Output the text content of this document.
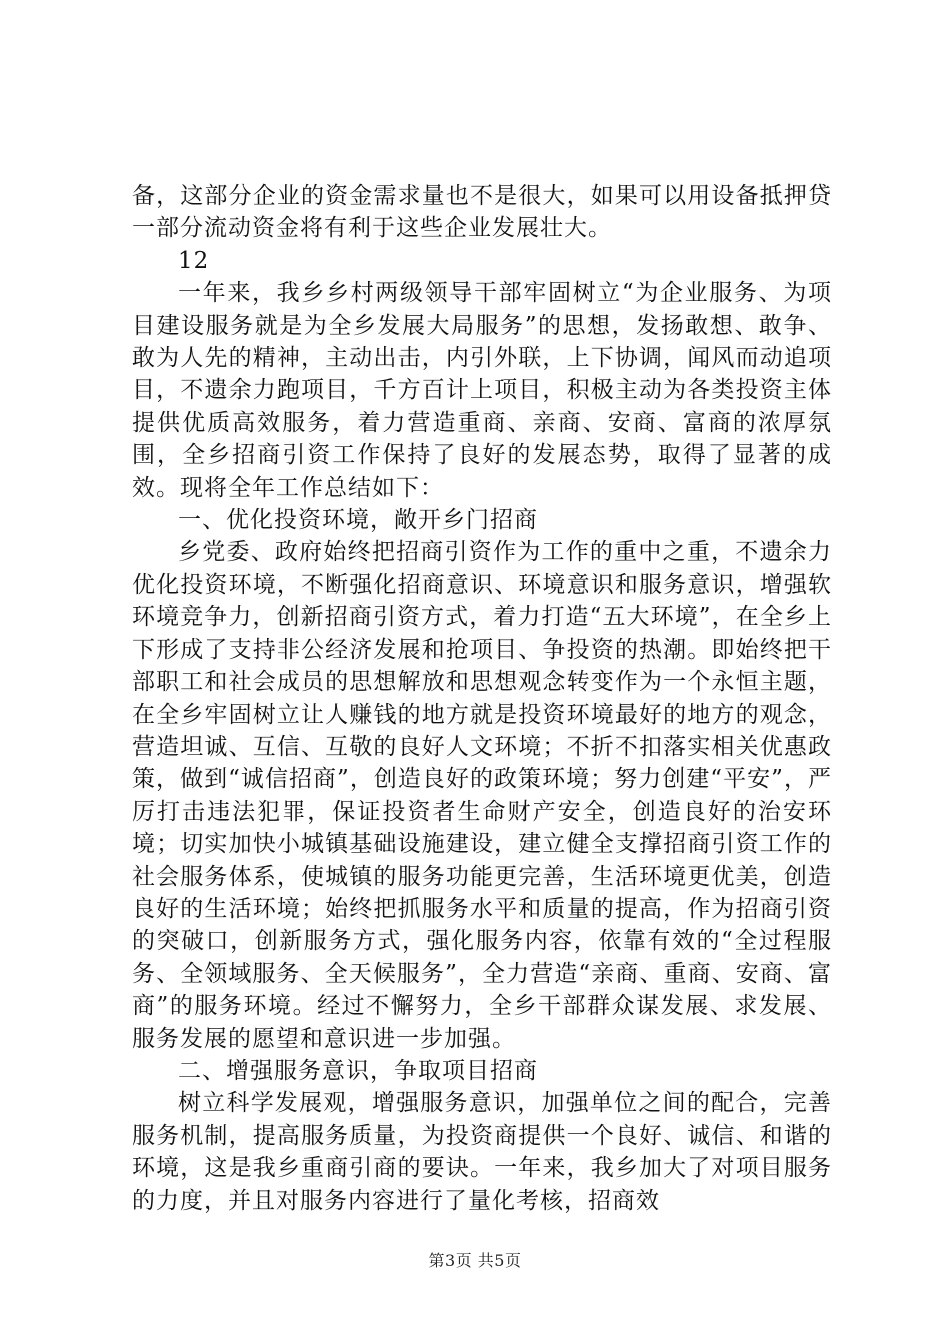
备，这部分企业的资金需求量也不是很大，如果可以用设备抵押贷一部分流动资金将有利于这些企业发展壮大。

12

一年来，我乡乡村两级领导干部牢固树立“为企业服务、为项目建设服务就是为全乡发展大局服务”的思想，发扬敢想、敢争、敢为人先的精神，主动出击，内引外联，上下协调，闻风而动追项目，不遗余力跑项目，千方百计上项目，积极主动为各类投资主体提供优质高效服务，着力营造重商、亲商、安商、富商的浓厚氛围，全乡招商引资工作保持了良好的发展态势，取得了显著的成效。现将全年工作总结如下：

一、优化投资环境，敞开乡门招商

乡党委、政府始终把招商引资作为工作的重中之重，不遗余力优化投资环境，不断强化招商意识、环境意识和服务意识，增强软环境竞争力，创新招商引资方式，着力打造“五大环境”，在全乡上下形成了支持非公经济发展和抢项目、争投资的热潮。即始终把干部职工和社会成员的思想解放和思想观念转变作为一个永恒主题，在全乡牢固树立让人赚钱的地方就是投资环境最好的地方的观念，营造坦诚、互信、互敬的良好人文环境；不折不扣落实相关优惠政策，做到“诚信招商”，创造良好的政策环境；努力创建“平安”，严厉打击违法犯罪，保证投资者生命财产安全，创造良好的治安环境；切实加快小城镇基础设施建设，建立健全支撑招商引资工作的社会服务体系，使城镇的服务功能更完善，生活环境更优美，创造良好的生活环境；始终把抓服务水平和质量的提高，作为招商引资的突破口，创新服务方式，强化服务内容，依靠有效的“全过程服务、全领域服务、全天候服务”，全力营造“亲商、重商、安商、富商”的服务环境。经过不懈努力，全乡干部群众谋发展、求发展、服务发展的愿望和意识进一步加强。

二、增强服务意识，争取项目招商

树立科学发展观，增强服务意识，加强单位之间的配合，完善服务机制，提高服务质量，为投资商提供一个良好、诚信、和谐的环境，这是我乡重商引商的要诀。一年来，我乡加大了对项目服务的力度，并且对服务内容进行了量化考核，招商效

第3页 共5页
